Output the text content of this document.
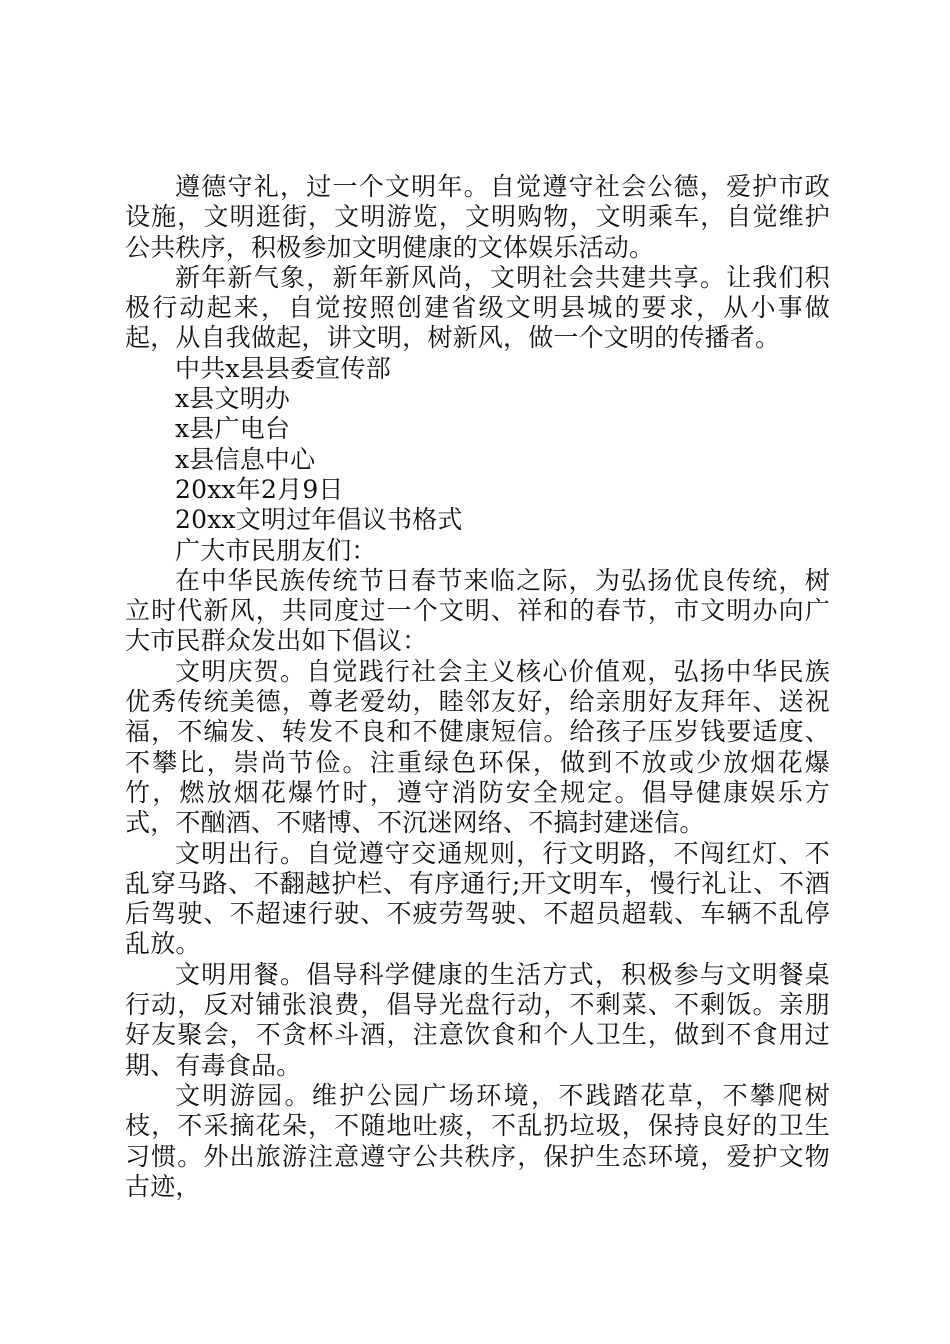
遵德守礼，过一个文明年。自觉遵守社会公德，爱护市政设施，文明逛街，文明游览，文明购物，文明乘车，自觉维护公共秩序，积极参加文明健康的文体娱乐活动。

新年新气象，新年新风尚，文明社会共建共享。让我们积极行动起来，自觉按照创建省级文明县城的要求，从小事做起，从自我做起，讲文明，树新风，做一个文明的传播者。

中共x县县委宣传部

x县文明办

x县广电台

x县信息中心

20xx年2月9日

20xx文明过年倡议书格式

广大市民朋友们：

在中华民族传统节日春节来临之际，为弘扬优良传统，树立时代新风，共同度过一个文明、祥和的春节，市文明办向广大市民群众发出如下倡议：

文明庆贺。自觉践行社会主义核心价值观，弘扬中华民族优秀传统美德，尊老爱幼，睦邻友好，给亲朋好友拜年、送祝福，不编发、转发不良和不健康短信。给孩子压岁钱要适度、不攀比，崇尚节俭。注重绿色环保，做到不放或少放烟花爆竹，燃放烟花爆竹时，遵守消防安全规定。倡导健康娱乐方式，不酗酒、不赌博、不沉迷网络、不搞封建迷信。

文明出行。自觉遵守交通规则，行文明路，不闯红灯、不乱穿马路、不翻越护栏、有序通行;开文明车，慢行礼让、不酒后驾驶、不超速行驶、不疲劳驾驶、不超员超载、车辆不乱停乱放。

文明用餐。倡导科学健康的生活方式，积极参与文明餐桌行动，反对铺张浪费，倡导光盘行动，不剩菜、不剩饭。亲朋好友聚会，不贪杯斗酒，注意饮食和个人卫生，做到不食用过期、有毒食品。

文明游园。维护公园广场环境，不践踏花草，不攀爬树枝，不采摘花朵，不随地吐痰，不乱扔垃圾，保持良好的卫生习惯。外出旅游注意遵守公共秩序，保护生态环境，爱护文物古迹，
